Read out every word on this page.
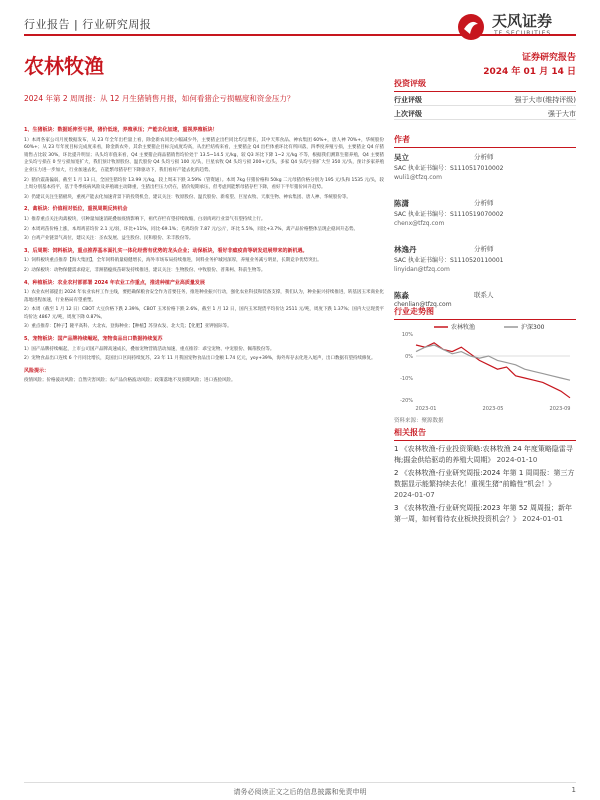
行业报告 | 行业研究周报	天风证券
农林牧渔	证券研究报告
2024 年 01 月 14 日
2024 年第 2 周周报：从 12 月生猪销售月报，如何看猪企亏损幅度和资金压力？
1、生猪板块：数据延伸至亏损，猪价低迷，养殖承压；产能去化加速，重视养殖板块！
1）本周各家公司月度数据发布，从 23 年全年出栏量上看，除金新农同比小幅减少外，主要猪企出栏同比均呈增长，其中天邦食品、神农集团 60%+，唐人神 70%+，华统股份 60%+；从 23 年年度目标完成度来看，除金新农外，其余主要猪企目标完成度均高，从出栏结构来看，主要猪企 Q4 出栏体重环比有所回落，四季度养殖亏损，主要猪企 Q4 仔猪销售占比较 30%，环比提升明显；从头均市值来看，Q4 主要猪企商品猪销售均价处于 13.5~14.5 元/kg，较 Q3 环比下降 1~2 元/kg 不等，根据我们测算生猪养殖，Q4 主要猪企头均亏损在 0 至亏损加宽扩大，我们预计牧原股份、温氏股份 Q4 头均亏损 100 元/头，巨星农牧 Q4 头均亏损 200+元/头，多家 Q4 头均亏损扩大至 350 元/头，预计多家养殖企业压力进一步加大，行业加速去化，在能繁母猪存栏下降驱动下，我们看好产能去化的趋势。
2）猪价震荡偏弱，截至 1 月 13 日，全国生猪均价 13.99 元/kg，较上周末下跌 3.59%（管资通）。本周 7kg 仔猪价格和 50kg 二元母猪价格分别为 195 元/头和 1535 元/头，较上周分别基本持平，基于冬季疫病风险及养殖端主动降重，生猪出栏压力仍在，猪价短期承压，但考虑到能繁母猪存栏下降，看好下半年猪价回升趋势。
3）仍建议关注生猪板块，重视产能去化加速背景下的投资机会，建议关注：牧原股份、温氏股份、新希望、巨星农牧、天康生物、神农集团、唐人神、华统股份等。
2、禽板块：价值相对低位，重视周期反转机会
1）推荐重点关注肉禽板块，引种量加速消耗叠加疫情影响下，祖代存栏有望持续收缩，白羽肉鸡行业景气有望持续上行。
2）本周鸡苗价格上涨，本周鸡苗均价 2.1 元/羽，环比+11%，同比-69.1%；毛鸡均价 7.87 元/公斤，环比 5.5%，同比+3.7%，禽产品价格整体呈现企稳回升态势。
3）白鸡产业链景气高位，建议关注：圣农发展、益生股份、民和股份、禾丰股份等。
3、后周期：饲料板块，重点推荐基本面扎实一体化经营有优势的龙头企业；动保板块，看好非瘟疫苗等研发进展带来的新机遇。
1）饲料板块重点推荐【海大集团】，全年饲料销量稳健增长，海外市场布局持续推进，饲料业务护城河深厚，养殖业务减亏明显，长期竞争优势突出。
2）动保板块：动物保健需求稳定，非洲猪瘟疫苗研发持续推进，建议关注：生物股份、中牧股份、普莱柯、科前生物等。
4、种植板块：农业农村部部署 2024 年农业工作重点，推进种植产业高质量发展
1）农业农村部提出 2024 年农业农村工作主线，要把确保粮食安全作为首要任务，推进种业振兴行动，强化农业科技和装备支撑，我们认为，种业振兴持续推进，转基因玉米商业化落地进程加速，行业格局有望重塑。
2）本周（截至 1 月 12 日）CBOT 大豆价格下跌 2.39%，CBOT 玉米价格下跌 2.6%，截至 1 月 12 日，国内玉米现货平均价达 2511 元/吨，周度下跌 1.37%；国内大豆现货平均价达 4867 元/吨，周度下降 0.87%。
3）重点推荐：【种子】隆平高科、大北农、登海种业；【种植】苏垦农发、北大荒；【化肥】亚钾国际等。
5、宠物板块：国产品牌持续崛起，宠物食品出口数据持续复苏
1）国产品牌持续崛起，上市公司国产品牌高速成长，叠加宠物营销活动加速，重点推荐：乖宝宠物、中宠股份、佩蒂股份等。
2）宠物食品出口连续 6 个月同比增长，美国出口区间持续复苏，23 年 11 月我国宠物食品出口金额 1.74 亿元，yoy+39%，海外库存去化进入尾声，出口数据有望持续修复。
风险提示：
疫情风险；价格波动风险；自然灾害风险；农产品价格波动风险；政策落地不及预期风险；进口查验风险。
投资评级
行业评级	强于大市(维持评级)
上次评级	强于大市
作者
吴立	分析师
SAC 执业证书编号：S1110517010002
wuli1@tfzq.com
陈潇	分析师
SAC 执业证书编号：S1110519070002
chenx@tfzq.com
林逸丹	分析师
SAC 执业证书编号：S1110520110001
linyidan@tfzq.com
陈淼	联系人
chenlian@tfzq.com
行业走势图
农林牧渔	沪深300
10%
0%
-10%
-20%
2023-01	2023-05	2023-09
资料来源：聚源数据
相关报告
1 《农林牧渔-行业投资策略:农林牧渔 24 年度策略隐雷寻梅;掘金供给驱动的养殖大周期》 2024-01-10
2 《农林牧渔-行业研究周报:2024 年第 1 周周报：第三方数据显示能繁持续去化！重视生猪“前瞻性”机会！》 2024-01-07
3 《农林牧渔-行业研究周报:2023 年第 52 周周报；新年第一周，如何看待农业板块投资机会？》 2024-01-01
请务必阅读正文之后的信息披露和免责申明	1
